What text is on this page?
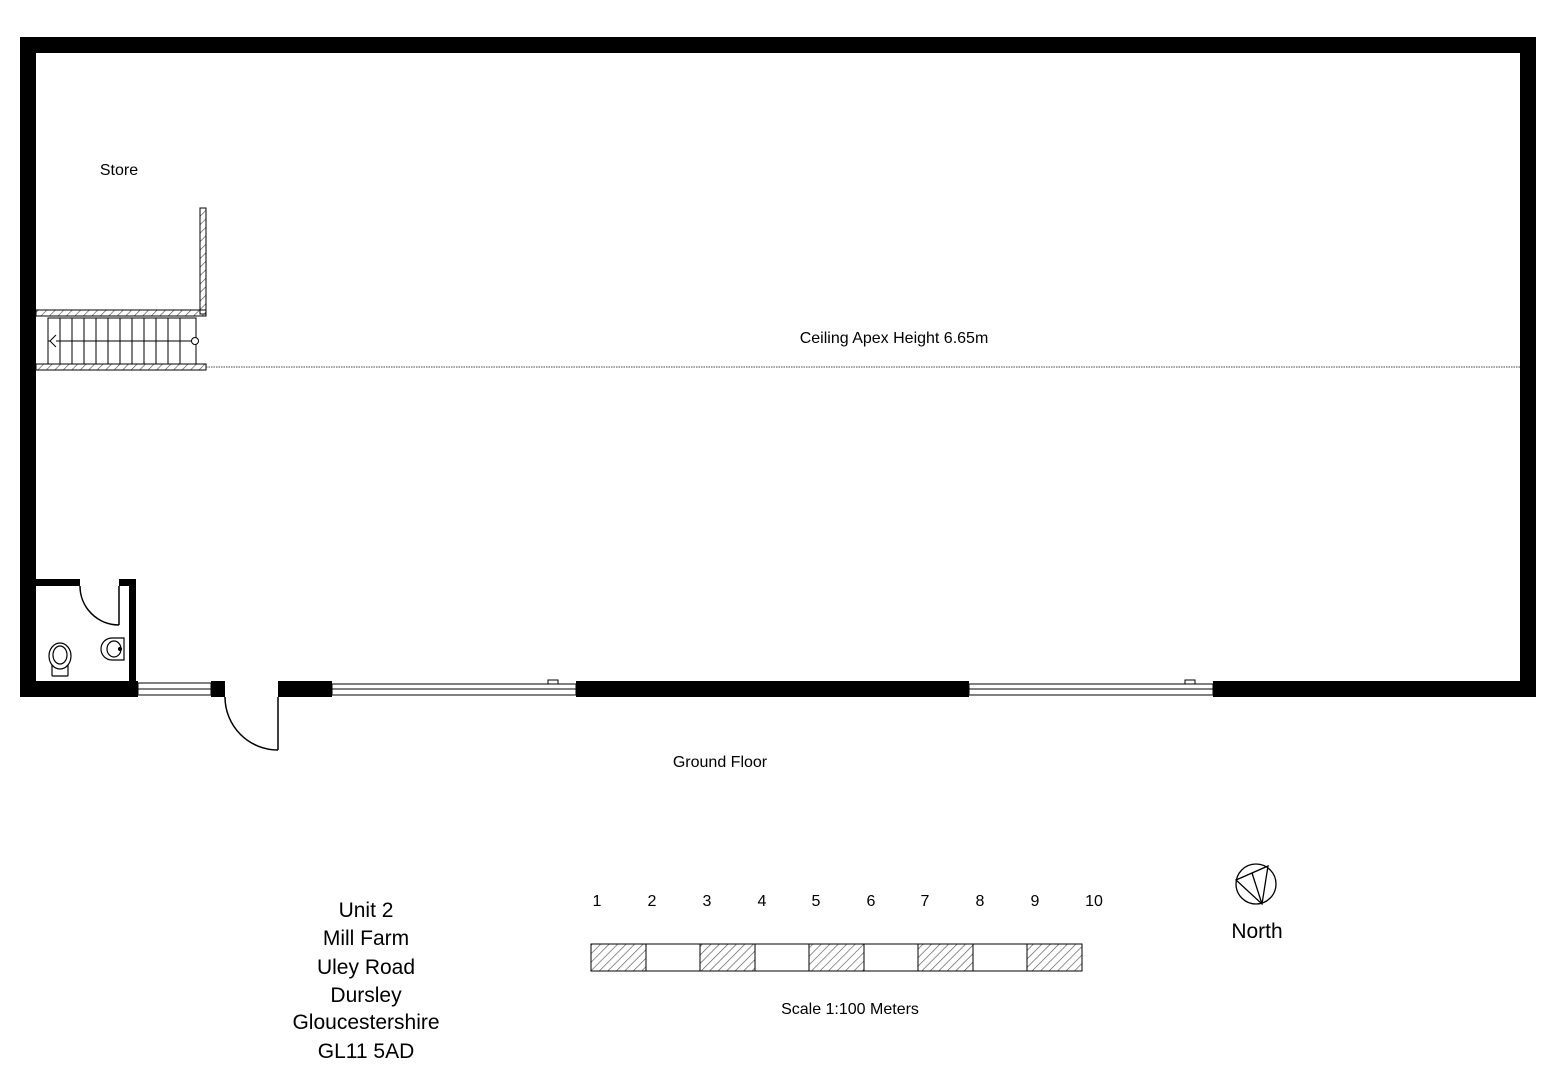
Store
Ceiling Apex Height 6.65m
Ground Floor
Unit 2
Mill Farm
Uley Road
Dursley
Gloucestershire
GL11 5AD
1	2	3	4	5	6	7	8	9	10
Scale 1:100 Meters
North
